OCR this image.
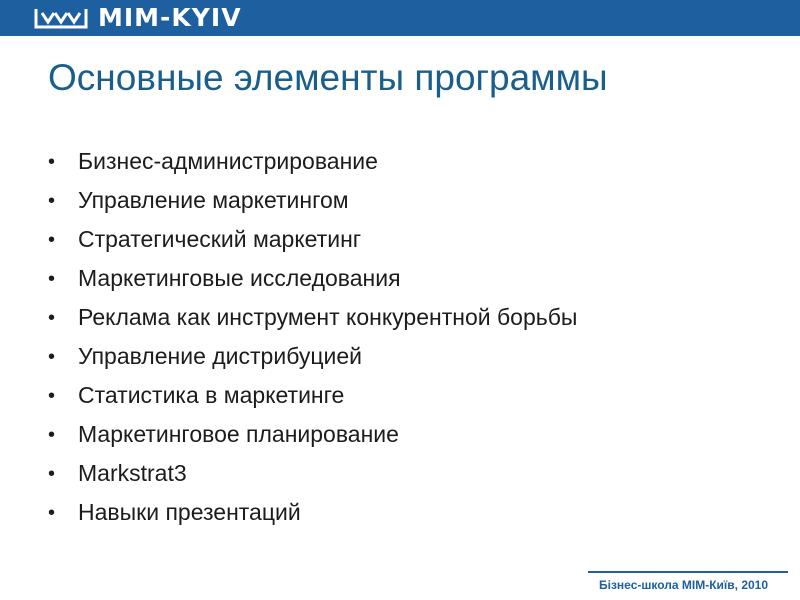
MIM-KYIV
Основные элементы программы
• Бизнес-администрирование
• Управление маркетингом
• Стратегический маркетинг
• Маркетинговые исследования
• Реклама как инструмент конкурентной борьбы
• Управление дистрибуцией
• Статистика в маркетинге
• Маркетинговое планирование
• Markstrat3
• Навыки презентаций
Бізнес-школа МІМ-Київ, 2010
